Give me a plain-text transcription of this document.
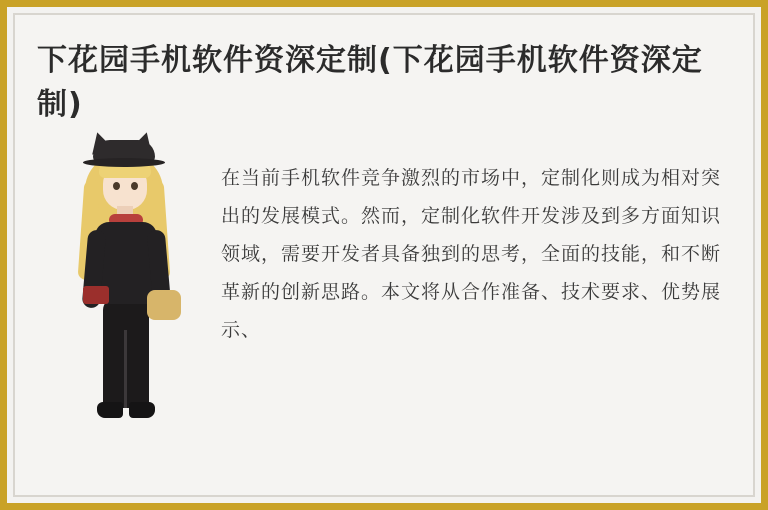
下花园手机软件资深定制(下花园手机软件资深定制)

在当前手机软件竞争激烈的市场中，定制化则成为相对突出的发展模式。然而，定制化软件开发涉及到多方面知识领域，需要开发者具备独到的思考，全面的技能，和不断革新的创新思路。本文将从合作准备、技术要求、优势展示、
